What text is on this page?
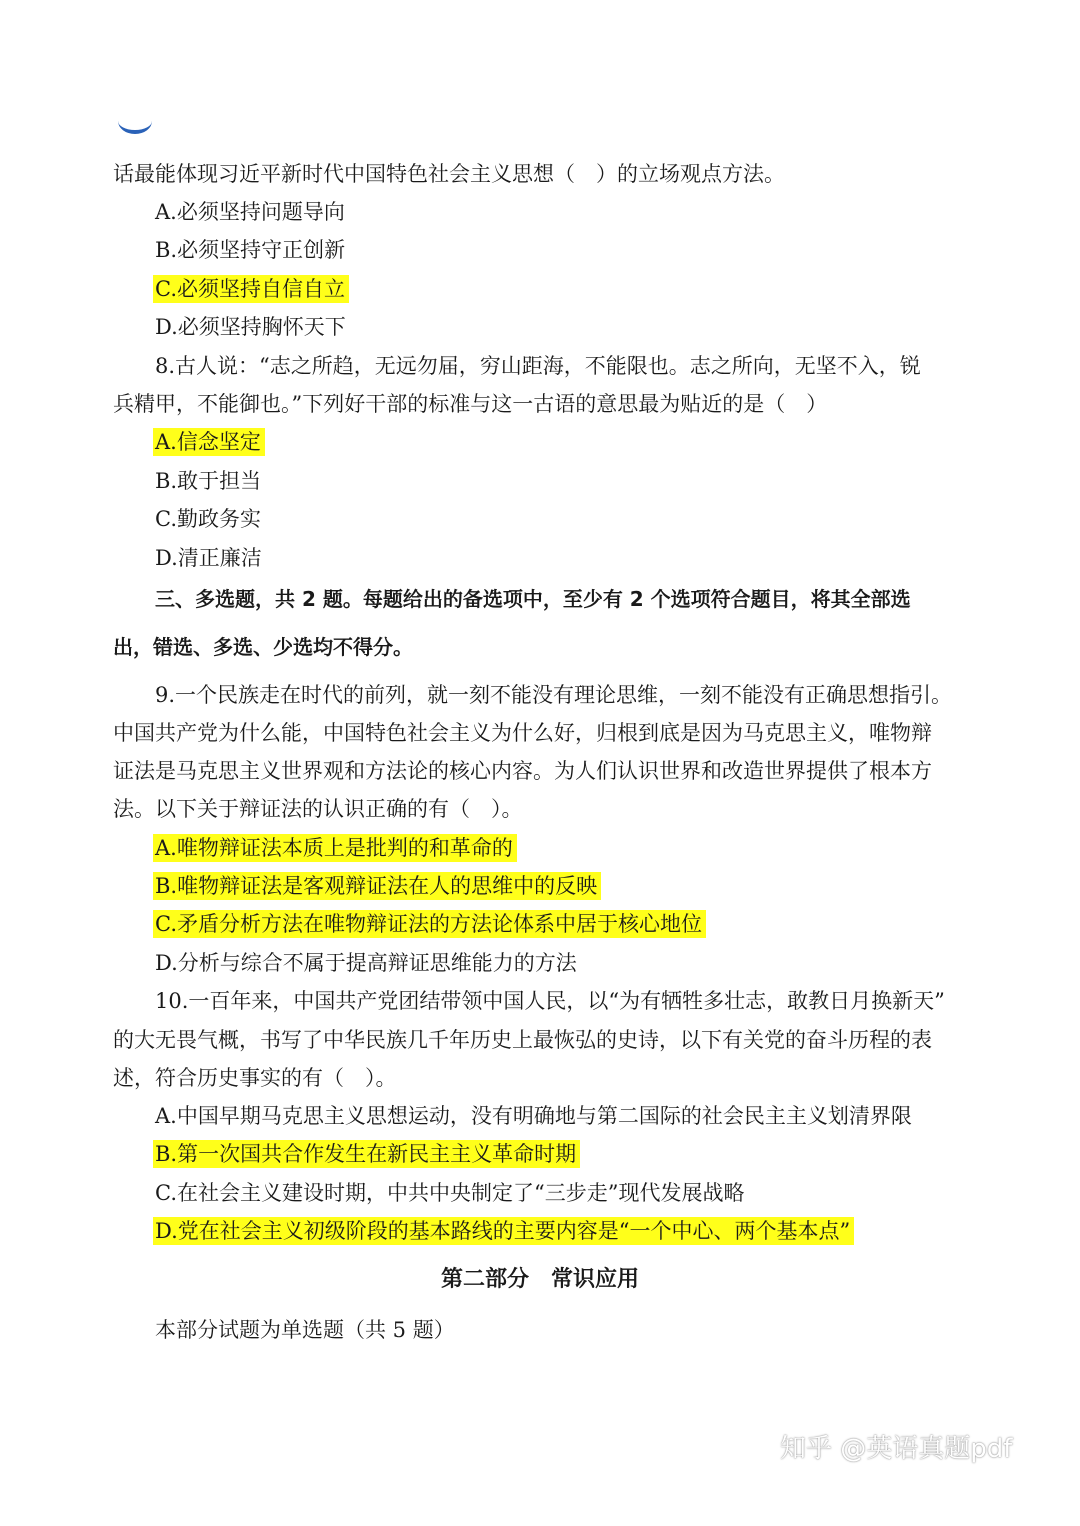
话最能体现习近平新时代中国特色社会主义思想（　）的立场观点方法。
A.必须坚持问题导向
B.必须坚持守正创新
C.必须坚持自信自立
D.必须坚持胸怀天下
8.古人说：“志之所趋，无远勿届，穷山距海，不能限也。志之所向，无坚不入，锐
兵精甲，不能御也。”下列好干部的标准与这一古语的意思最为贴近的是（　）
A.信念坚定
B.敢于担当
C.勤政务实
D.清正廉洁
三、多选题，共 2 题。每题给出的备选项中，至少有 2 个选项符合题目，将其全部选
出，错选、多选、少选均不得分。
9.一个民族走在时代的前列，就一刻不能没有理论思维，一刻不能没有正确思想指引。
中国共产党为什么能，中国特色社会主义为什么好，归根到底是因为马克思主义，唯物辩
证法是马克思主义世界观和方法论的核心内容。为人们认识世界和改造世界提供了根本方
法。以下关于辩证法的认识正确的有（　）。
A.唯物辩证法本质上是批判的和革命的
B.唯物辩证法是客观辩证法在人的思维中的反映
C.矛盾分析方法在唯物辩证法的方法论体系中居于核心地位
D.分析与综合不属于提高辩证思维能力的方法
10.一百年来，中国共产党团结带领中国人民，以“为有牺牲多壮志，敢教日月换新天”
的大无畏气概，书写了中华民族几千年历史上最恢弘的史诗，以下有关党的奋斗历程的表
述，符合历史事实的有（　）。
A.中国早期马克思主义思想运动，没有明确地与第二国际的社会民主主义划清界限
B.第一次国共合作发生在新民主主义革命时期
C.在社会主义建设时期，中共中央制定了“三步走”现代发展战略
D.党在社会主义初级阶段的基本路线的主要内容是“一个中心、两个基本点”
第二部分　常识应用
本部分试题为单选题（共 5 题）
知乎 @英语真题pdf
